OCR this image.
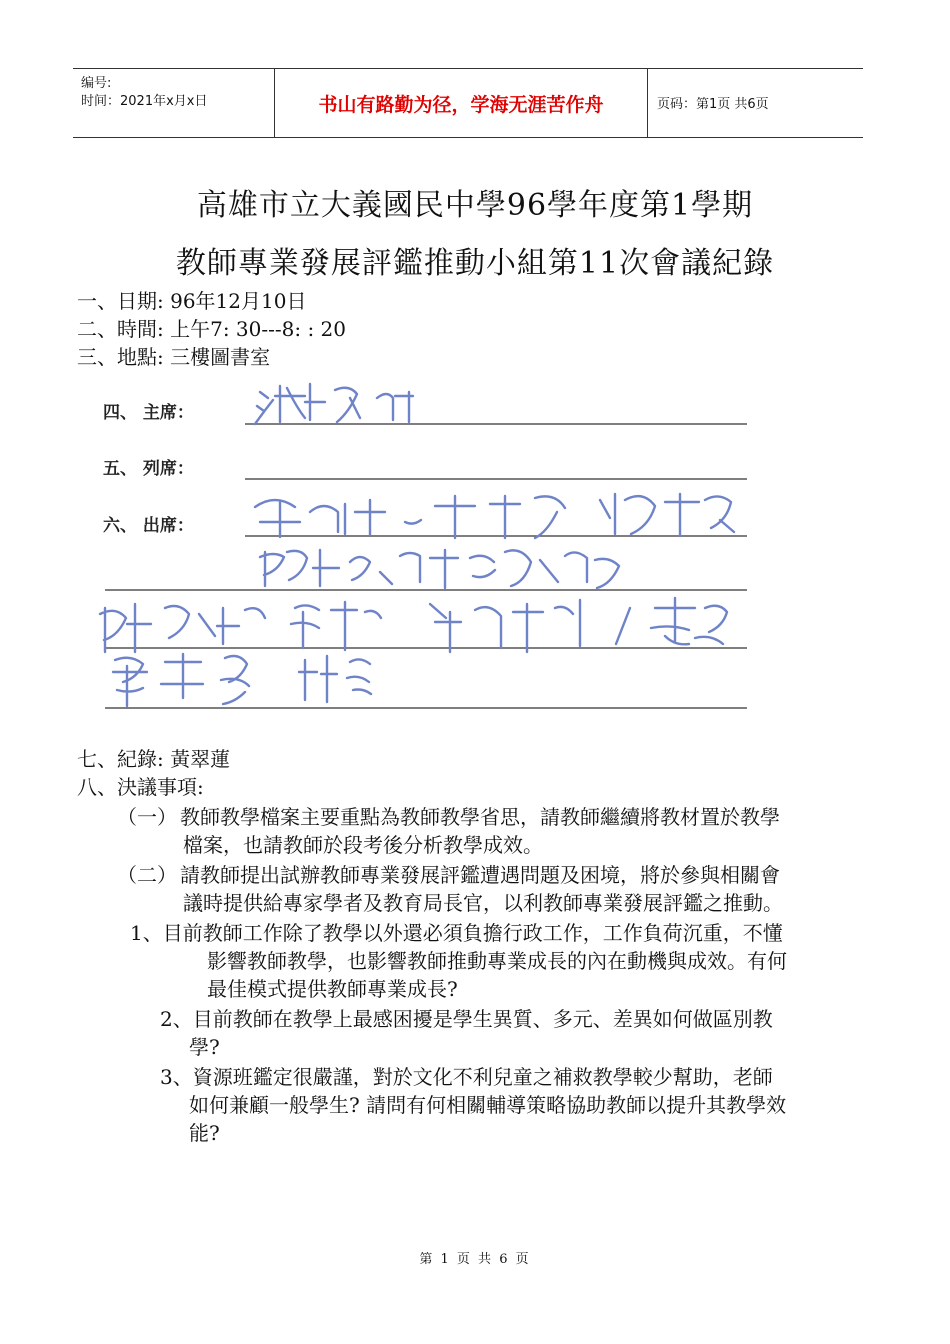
编号:
时间：2021年x月x日	书山有路勤为径，学海无涯苦作舟	页码：第1页 共6页
高雄市立大義國民中學96學年度第1學期
教師專業發展評鑑推動小組第11次會議紀錄
一、日期: 96年12月10日
二、時間: 上午7: 30---8: : 20
三、地點: 三樓圖書室
四、 主席：
五、 列席：
六、 出席：
七、紀錄: 黃翠蓮
八、決議事項:
（一） 教師教學檔案主要重點為教師教學省思，請教師繼續將教材置於教學
檔案，也請教師於段考後分析教學成效。
（二） 請教師提出試辦教師專業發展評鑑遭遇問題及困境，將於參與相關會
議時提供給專家學者及教育局長官，以利教師專業發展評鑑之推動。
1、目前教師工作除了教學以外還必須負擔行政工作，工作負荷沉重，不懂
影響教師教學，也影響教師推動專業成長的內在動機與成效。有何
最佳模式提供教師專業成長?
2、目前教師在教學上最感困擾是學生異質、多元、差異如何做區別教
學?
3、資源班鑑定很嚴謹，對於文化不利兒童之補救教學較少幫助，老師
如何兼顧一般學生? 請問有何相關輔導策略協助教師以提升其教學效
能?
第 1 页 共 6 页
